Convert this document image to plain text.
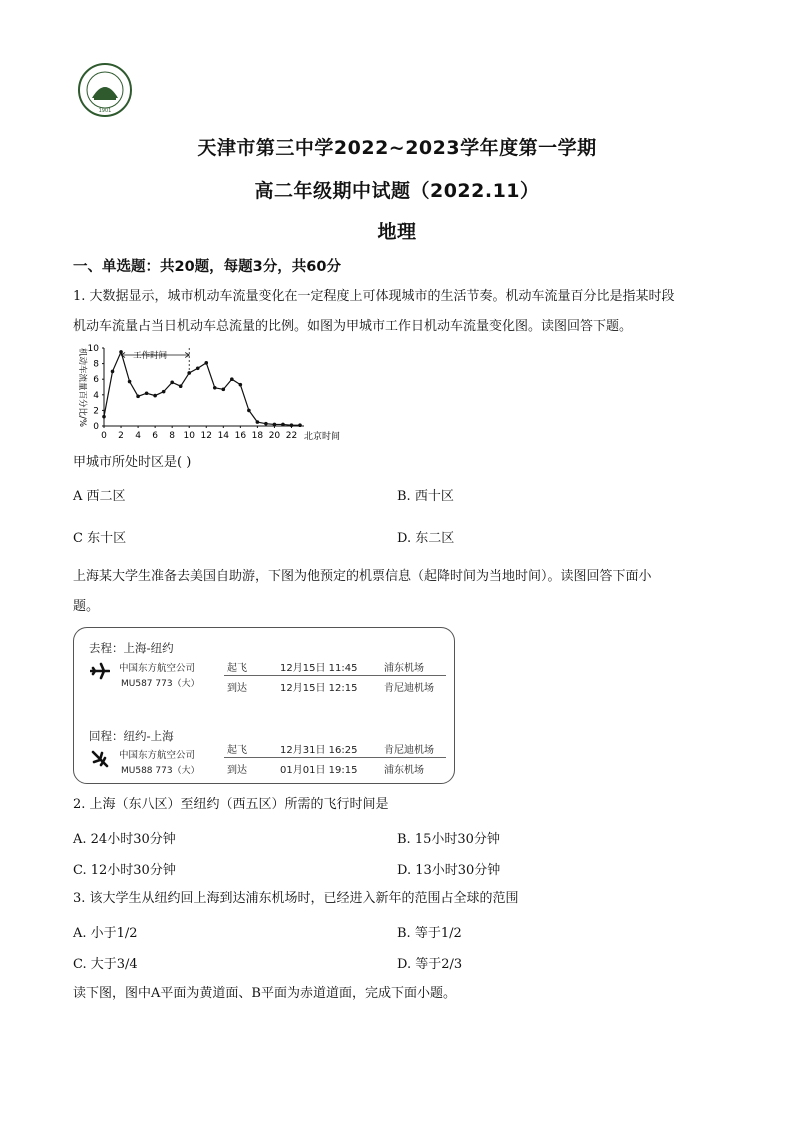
1901
天津市第三中学2022~2023学年度第一学期
高二年级期中试题（2022.11）
地理
一、单选题：共20题，每题3分，共60分
1. 大数据显示，城市机动车流量变化在一定程度上可体现城市的生活节奏。机动车流量百分比是指某时段
机动车流量占当日机动车总流量的比例。如图为甲城市工作日机动车流量变化图。读图回答下题。
机动车流量百分比/%
0
2
4
6
8
10
0 2 4 6 8 10 12 14 16 18 20 22 北京时间
工作时间
甲城市所处时区是( )
A 西二区	B. 西十区
C 东十区	D. 东二区
上海某大学生准备去美国自助游，下图为他预定的机票信息（起降时间为当地时间）。读图回答下面小
题。
去程：上海-纽约
中国东方航空公司
MU587 773（大）
起飞	12月15日 11:45	浦东机场
到达	12月15日 12:15	肯尼迪机场
回程：纽约-上海
中国东方航空公司
MU588 773（大）
起飞	12月31日 16:25	肯尼迪机场
到达	01月01日 19:15	浦东机场
2. 上海（东八区）至纽约（西五区）所需的飞行时间是
A. 24小时30分钟	B. 15小时30分钟
C. 12小时30分钟	D. 13小时30分钟
3. 该大学生从纽约回上海到达浦东机场时，已经进入新年的范围占全球的范围
A. 小于1/2	B. 等于1/2
C. 大于3/4	D. 等于2/3
读下图，图中A平面为黄道面、B平面为赤道道面，完成下面小题。
